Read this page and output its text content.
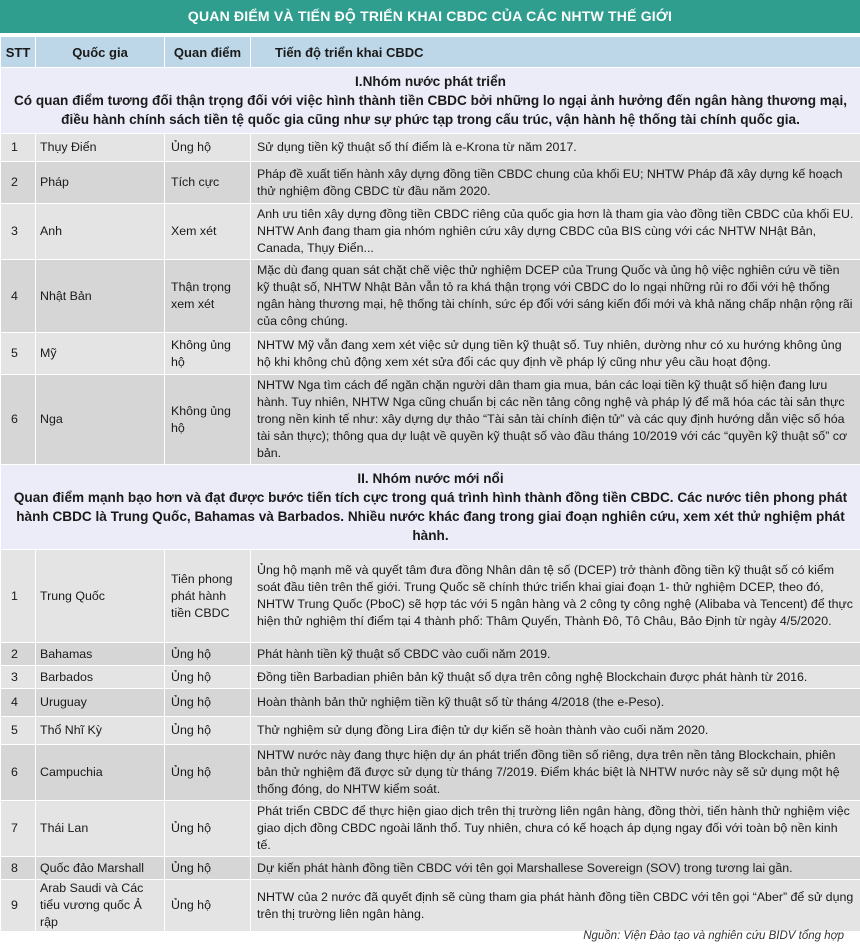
QUAN ĐIỂM VÀ TIẾN ĐỘ TRIỂN KHAI CBDC CỦA CÁC NHTW THẾ GIỚI
STT	Quốc gia	Quan điểm	Tiến độ triển khai CBDC

I.Nhóm nước phát triển
Có quan điểm tương đối thận trọng đối với việc hình thành tiền CBDC bởi những lo ngại ảnh hưởng đến ngân hàng thương mại, điều hành chính sách tiền tệ quốc gia cũng như sự phức tạp trong cấu trúc, vận hành hệ thống tài chính quốc gia.			
1	Thụy Điển	Ủng hộ	Sử dụng tiền kỹ thuật số thí điểm là e-Krona từ năm 2017.
2	Pháp	Tích cực	Pháp đề xuất tiến hành xây dựng đồng tiền CBDC chung của khối EU; NHTW Pháp đã xây dựng kế hoạch thử nghiệm đồng CBDC từ đầu năm 2020.
3	Anh	Xem xét	Anh ưu tiên xây dựng đồng tiền CBDC riêng của quốc gia hơn là tham gia vào đồng tiền CBDC của khối EU. NHTW Anh đang tham gia nhóm nghiên cứu xây dựng CBDC của BIS cùng với các NHTW NHật Bản, Canada, Thụy Điển...
4	Nhật Bản	Thận trọng xem xét	Mặc dù đang quan sát chặt chẽ việc thử nghiệm DCEP của Trung Quốc và ủng hộ việc nghiên cứu về tiền kỹ thuật số, NHTW Nhật Bản vẫn tỏ ra khá thận trọng với CBDC do lo ngại những rủi ro đối với hệ thống ngân hàng thương mại, hệ thống tài chính, sức ép đổi với sáng kiến đổi mới và khả năng chấp nhận rộng rãi của công chúng.
5	Mỹ	Không ủng hộ	NHTW Mỹ vẫn đang xem xét việc sử dụng tiền kỹ thuật số. Tuy nhiên, dường như có xu hướng không ủng hộ khi không chủ động xem xét sửa đổi các quy định về pháp lý cũng như yêu cầu hoạt động.
6	Nga	Không ủng hộ	NHTW Nga tìm cách để ngăn chặn người dân tham gia mua, bán các loại tiền kỹ thuật số hiện đang lưu hành. Tuy nhiên, NHTW Nga cũng chuẩn bị các nền tảng công nghệ và pháp lý để mã hóa các tài sản thực trong nền kinh tế như: xây dựng dự thảo “Tài sản tài chính điện tử” và các quy định hướng dẫn việc số hóa tài sản thực); thông qua dự luật về quyền kỹ thuật số vào đầu tháng 10/2019 với các “quyền kỹ thuật số” cơ bản.

II. Nhóm nước mới nổi
Quan điểm mạnh bạo hơn và đạt được bước tiến tích cực trong quá trình hình thành đồng tiền CBDC. Các nước tiên phong phát hành CBDC là Trung Quốc, Bahamas và Barbados. Nhiều nước khác đang trong giai đoạn nghiên cứu, xem xét thử nghiệm phát hành.			
1	Trung Quốc	Tiên phong phát hành tiền CBDC	Ủng hộ mạnh mẽ và quyết tâm đưa đồng Nhân dân tệ số (DCEP) trở thành đồng tiền kỹ thuật số có kiểm soát đầu tiên trên thế giới. Trung Quốc sẽ chính thức triển khai giai đoạn 1- thử nghiệm DCEP, theo đó, NHTW Trung Quốc (PboC) sẽ hợp tác với 5 ngân hàng và 2 công ty công nghệ (Alibaba và Tencent) để thực hiện thử nghiệm thí điểm tại 4 thành phố: Thâm Quyến, Thành Đô, Tô Châu, Bảo Định từ ngày 4/5/2020.
2	Bahamas	Ủng hộ	Phát hành tiền kỹ thuật số CBDC vào cuối năm 2019.
3	Barbados	Ủng hộ	Đồng tiền Barbadian phiên bản kỹ thuật số dựa trên công nghệ Blockchain được phát hành từ 2016.
4	Uruguay	Ủng hộ	Hoàn thành bản thử nghiệm tiền kỹ thuật số từ tháng 4/2018 (the e-Peso).
5	Thổ Nhĩ Kỳ	Ủng hộ	Thử nghiệm sử dụng đồng Lira điện tử dự kiến sẽ hoàn thành vào cuối năm 2020.
6	Campuchia	Ủng hộ	NHTW nước này đang thực hiện dự án phát triển đồng tiền số riêng, dựa trên nền tảng Blockchain, phiên bản thử nghiệm đã được sử dụng từ tháng 7/2019. Điểm khác biệt là NHTW nước này sẽ sử dụng một hệ thống đóng, do NHTW kiểm soát.
7	Thái Lan	Ủng hộ	Phát triển CBDC để thực hiện giao dịch trên thị trường liên ngân hàng, đồng thời, tiến hành thử nghiệm việc giao dịch đồng CBDC ngoài lãnh thổ. Tuy nhiên, chưa có kế hoạch áp dụng ngay đối với toàn bộ nền kinh tế.
8	Quốc đảo Marshall	Ủng hộ	Dự kiến phát hành đồng tiền CBDC với tên gọi Marshallese Sovereign (SOV) trong tương lai gần.
9	Arab Saudi và Các tiểu vương quốc Ả rập	Ủng hộ	NHTW của 2 nước đã quyết định sẽ cùng tham gia phát hành đồng tiền CBDC với tên gọi “Aber” để sử dụng trên thị trường liên ngân hàng.
Nguồn: Viện Đào tạo và nghiên cứu BIDV tổng hợp
